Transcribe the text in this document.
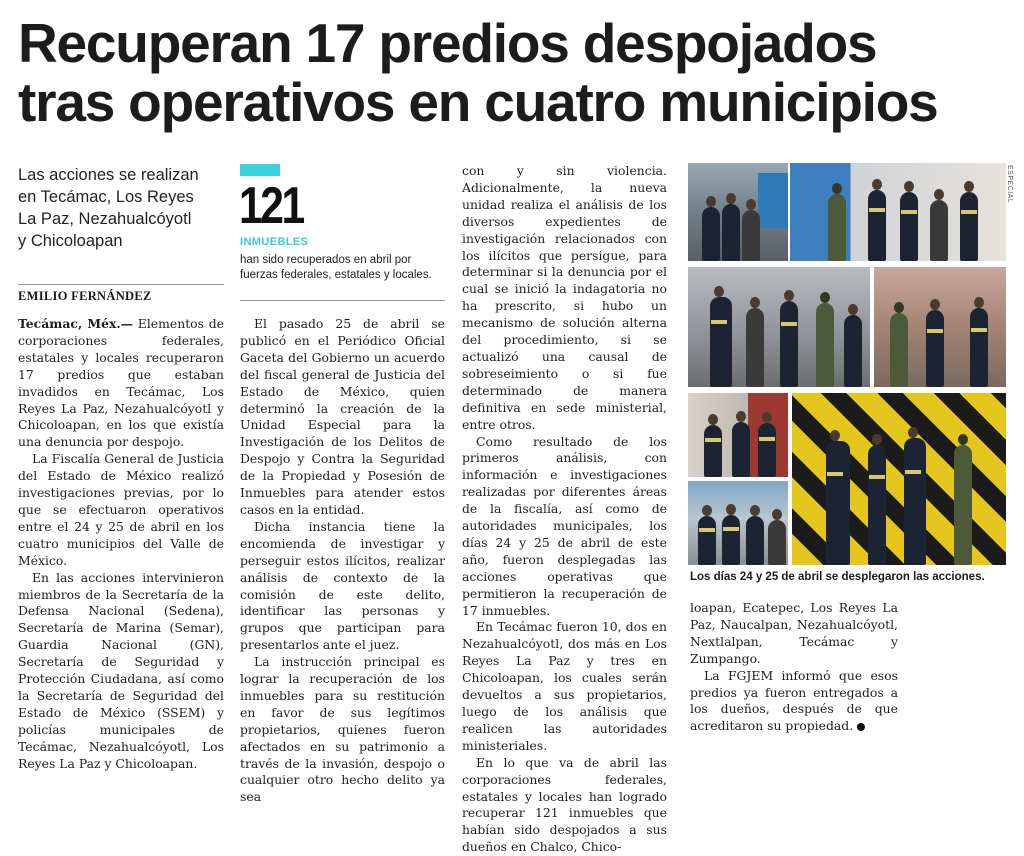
Recuperan 17 predios despojados
tras operativos en cuatro municipios
Las acciones se realizan
en Tecámac, Los Reyes
La Paz, Nezahualcóyotl
y Chicoloapan
EMILIO FERNÁNDEZ
121
INMUEBLES
han sido recuperados en abril por
fuerzas federales, estatales y locales.

Tecámac, Méx.— Elementos de corporaciones federales, estatales y locales recuperaron 17 predios que estaban invadidos en Tecámac, Los Reyes La Paz, Nezahualcóyotl y Chicoloapan, en los que existía una denuncia por despojo.

La Fiscalía General de Justicia del Estado de México realizó investigaciones previas, por lo que se efectuaron operativos entre el 24 y 25 de abril en los cuatro municipios del Valle de México.

En las acciones intervinieron miembros de la Secretaría de la Defensa Nacional (Sedena), Secretaría de Marina (Semar), Guardia Nacional (GN), Secretaría de Seguridad y Protección Ciudadana, así como la Secretaría de Seguridad del Estado de México (SSEM) y policías municipales de Tecámac, Nezahualcóyotl, Los Reyes La Paz y Chicoloapan.

El pasado 25 de abril se publicó en el Periódico Oficial Gaceta del Gobierno un acuerdo del fiscal general de Justicia del Estado de México, quien determinó la creación de la Unidad Especial para la Investigación de los Delitos de Despojo y Contra la Seguridad de la Propiedad y Posesión de Inmuebles para atender estos casos en la entidad.

Dicha instancia tiene la encomienda de investigar y perseguir estos ilícitos, realizar análisis de contexto de la comisión de este delito, identificar las personas y grupos que participan para presentarlos ante el juez.

La instrucción principal es lograr la recuperación de los inmuebles para su restitución en favor de sus legítimos propietarios, quienes fueron afectados en su patrimonio a través de la invasión, despojo o cualquier otro hecho delito ya sea

con y sin violencia. Adicionalmente, la nueva unidad realiza el análisis de los diversos expedientes de investigación relacionados con los ilícitos que persigue, para determinar si la denuncia por el cual se inició la indagatoria no ha prescrito, si hubo un mecanismo de solución alterna del procedimiento, si se actualizó una causal de sobreseimiento o si fue determinado de manera definitiva en sede ministerial, entre otros.

Como resultado de los primeros análisis, con información e investigaciones realizadas por diferentes áreas de la fiscalía, así como de autoridades municipales, los días 24 y 25 de abril de este año, fueron desplegadas las acciones operativas que permitieron la recuperación de 17 inmuebles.

En Tecámac fueron 10, dos en Nezahualcóyotl, dos más en Los Reyes La Paz y tres en Chicoloapan, los cuales serán devueltos a sus propietarios, luego de los análisis que realicen las autoridades ministeriales.

En lo que va de abril las corporaciones federales, estatales y locales han logrado recuperar 121 inmuebles que habían sido despojados a sus dueños en Chalco, Chico-

loapan, Ecatepec, Los Reyes La Paz, Naucalpan, Nezahualcóyotl, Nextlalpan, Tecámac y Zumpango.

La FGJEM informó que esos predios ya fueron entregados a los dueños, después de que acreditaron su propiedad.

ESPECIAL
Los días 24 y 25 de abril se desplegaron las acciones.
